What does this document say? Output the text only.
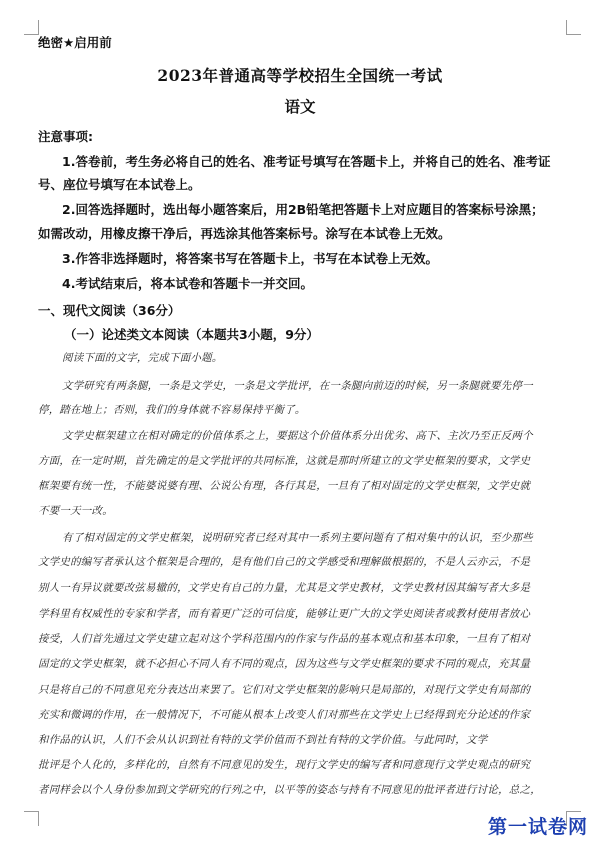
绝密★启用前
2023年普通高等学校招生全国统一考试
语文
注意事项:
1.答卷前，考生务必将自己的姓名、准考证号填写在答题卡上，并将自己的姓名、准考证
号、座位号填写在本试卷上。
2.回答选择题时，选出每小题答案后，用2B铅笔把答题卡上对应题目的答案标号涂黑；
如需改动，用橡皮擦干净后，再选涂其他答案标号。涂写在本试卷上无效。
3.作答非选择题时，将答案书写在答题卡上，书写在本试卷上无效。
4.考试结束后，将本试卷和答题卡一并交回。
一、现代文阅读（36分）
（一）论述类文本阅读（本题共3小题，9分）
阅读下面的文字，完成下面小题。
文学研究有两条腿，一条是文学史，一条是文学批评，在一条腿向前迈的时候，另一条腿就要先停一
停，踏在地上；否则，我们的身体就不容易保持平衡了。
文学史框架建立在相对确定的价值体系之上，要据这个价值体系分出优劣、高下、主次乃至正反两个
方面，在一定时期，首先确定的是文学批评的共同标准，这就是那时所建立的文学史框架的要求，文学史
框架要有统一性，不能婆说婆有理、公说公有理，各行其是，一旦有了相对固定的文学史框架，文学史就
不要一天一改。
有了相对固定的文学史框架，说明研究者已经对其中一系列主要问题有了相对集中的认识，至少那些
文学史的编写者承认这个框架是合理的，是有他们自己的文学感受和理解做根据的，不是人云亦云，不是
别人一有异议就要改弦易辙的，文学史有自己的力量，尤其是文学史教材，文学史教材因其编写者大多是
学科里有权威性的专家和学者，而有着更广泛的可信度，能够让更广大的文学史阅读者或教材使用者放心
接受，人们首先通过文学史建立起对这个学科范围内的作家与作品的基本观点和基本印象，一旦有了相对
固定的文学史框架，就不必担心不同人有不同的观点，因为这些与文学史框架的要求不同的观点，充其量
只是将自己的不同意见充分表达出来罢了。它们对文学史框架的影响只是局部的，对现行文学史有局部的
充实和微调的作用，在一般情况下，不可能从根本上改变人们对那些在文学史上已经得到充分论述的作家
和作品的认识，人们不会从认识到社有特的文学价值而不到社有特的文学价值。与此同时，文学
批评是个人化的，多样化的，自然有不同意见的发生，现行文学史的编写者和同意现行文学史观点的研究
者同样会以个人身份参加到文学研究的行列之中，以平等的姿态与持有不同意见的批评者进行讨论，总之，
第一试卷网
